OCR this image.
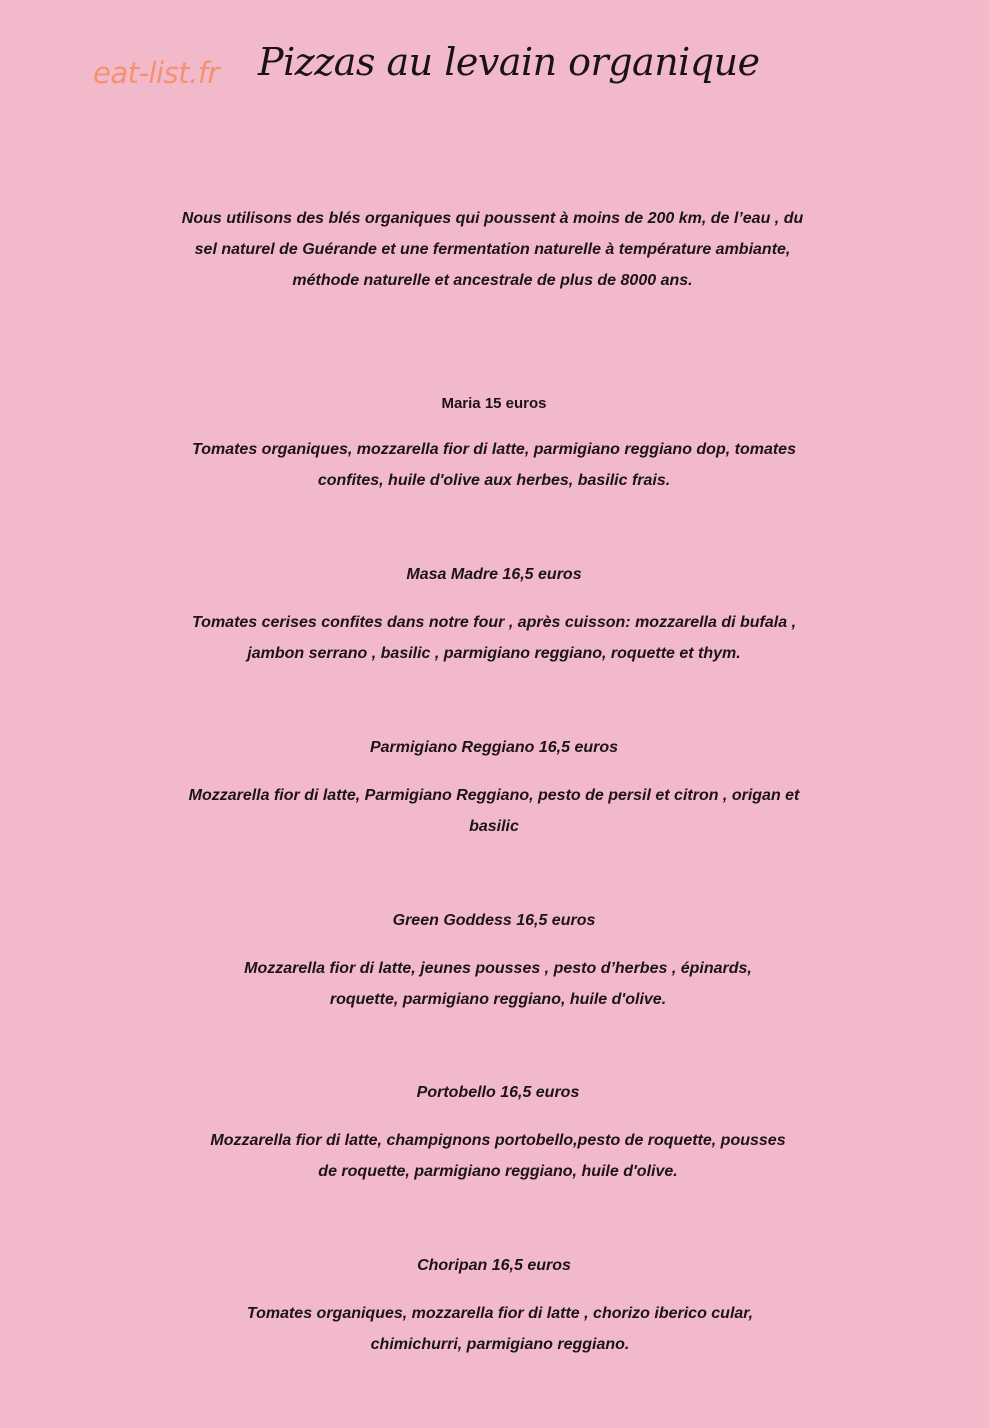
eat-list.fr Pizzas au levain organique

Nous utilisons des blés organiques qui poussent à moins de 200 km, de l’eau , du sel naturel de Guérande et une fermentation naturelle à température ambiante, méthode naturelle et ancestrale de plus de 8000 ans.

Maria 15 euros

Tomates organiques, mozzarella fior di latte, parmigiano reggiano dop, tomates confites, huile d'olive aux herbes, basilic frais.

Masa Madre 16,5 euros

Tomates cerises confites dans notre four , après cuisson: mozzarella di bufala , jambon serrano , basilic , parmigiano reggiano, roquette et thym.

Parmigiano Reggiano 16,5 euros

Mozzarella fior di latte, Parmigiano Reggiano, pesto de persil et citron , origan et basilic

Green Goddess 16,5 euros

Mozzarella fior di latte, jeunes pousses , pesto d’herbes , épinards, roquette, parmigiano reggiano, huile d'olive.

Portobello 16,5 euros

Mozzarella fior di latte, champignons portobello,pesto de roquette, pousses de roquette, parmigiano reggiano, huile d'olive.

Choripan 16,5 euros

Tomates organiques, mozzarella fior di latte , chorizo iberico cular, chimichurri, parmigiano reggiano.
